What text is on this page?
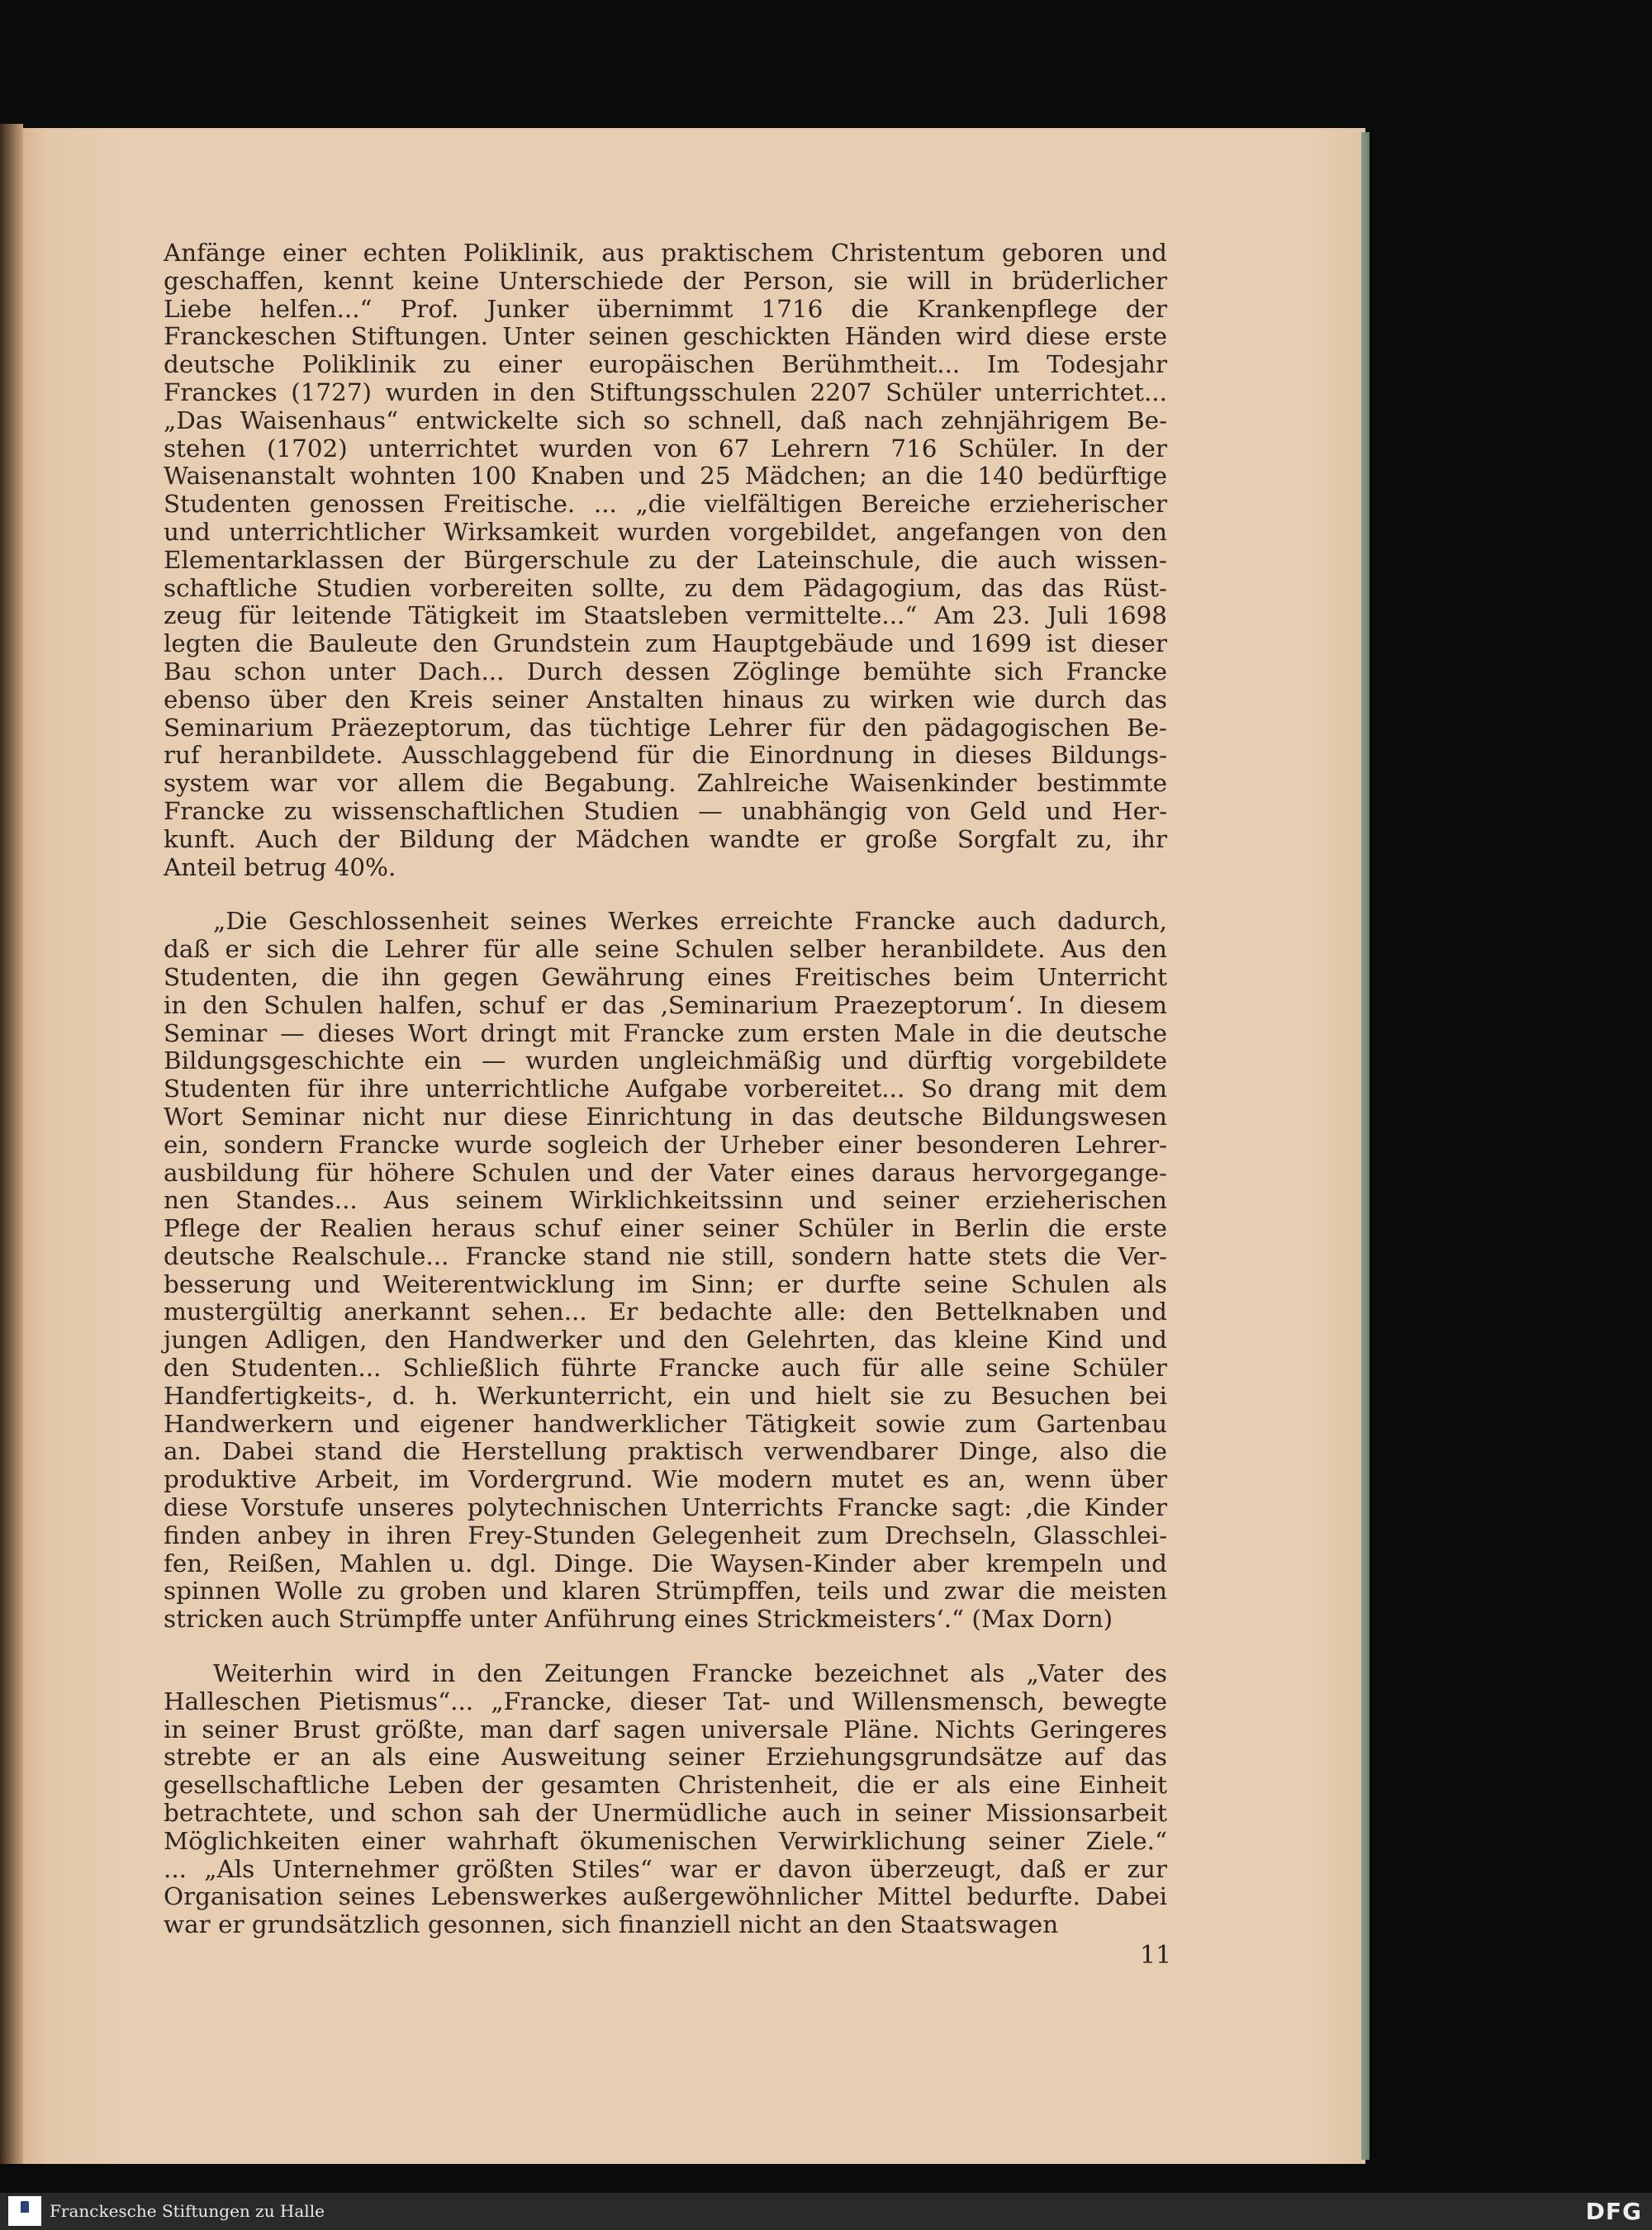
Anfänge einer echten Poliklinik, aus praktischem Christentum geboren und
geschaffen, kennt keine Unterschiede der Person, sie will in brüderlicher
Liebe helfen...“ Prof. Junker übernimmt 1716 die Krankenpflege der
Franckeschen Stiftungen. Unter seinen geschickten Händen wird diese erste
deutsche Poliklinik zu einer europäischen Berühmtheit... Im Todesjahr
Franckes (1727) wurden in den Stiftungsschulen 2207 Schüler unterrichtet...
„Das Waisenhaus“ entwickelte sich so schnell, daß nach zehnjährigem Be-
stehen (1702) unterrichtet wurden von 67 Lehrern 716 Schüler. In der
Waisenanstalt wohnten 100 Knaben und 25 Mädchen; an die 140 bedürftige
Studenten genossen Freitische. ... „die vielfältigen Bereiche erzieherischer
und unterrichtlicher Wirksamkeit wurden vorgebildet, angefangen von den
Elementarklassen der Bürgerschule zu der Lateinschule, die auch wissen-
schaftliche Studien vorbereiten sollte, zu dem Pädagogium, das das Rüst-
zeug für leitende Tätigkeit im Staatsleben vermittelte...“ Am 23. Juli 1698
legten die Bauleute den Grundstein zum Hauptgebäude und 1699 ist dieser
Bau schon unter Dach... Durch dessen Zöglinge bemühte sich Francke
ebenso über den Kreis seiner Anstalten hinaus zu wirken wie durch das
Seminarium Präezeptorum, das tüchtige Lehrer für den pädagogischen Be-
ruf heranbildete. Ausschlaggebend für die Einordnung in dieses Bildungs-
system war vor allem die Begabung. Zahlreiche Waisenkinder bestimmte
Francke zu wissenschaftlichen Studien — unabhängig von Geld und Her-
kunft. Auch der Bildung der Mädchen wandte er große Sorgfalt zu, ihr
Anteil betrug 40%.
„Die Geschlossenheit seines Werkes erreichte Francke auch dadurch,
daß er sich die Lehrer für alle seine Schulen selber heranbildete. Aus den
Studenten, die ihn gegen Gewährung eines Freitisches beim Unterricht
in den Schulen halfen, schuf er das ‚Seminarium Praezeptorum‘. In diesem
Seminar — dieses Wort dringt mit Francke zum ersten Male in die deutsche
Bildungsgeschichte ein — wurden ungleichmäßig und dürftig vorgebildete
Studenten für ihre unterrichtliche Aufgabe vorbereitet... So drang mit dem
Wort Seminar nicht nur diese Einrichtung in das deutsche Bildungswesen
ein, sondern Francke wurde sogleich der Urheber einer besonderen Lehrer-
ausbildung für höhere Schulen und der Vater eines daraus hervorgegange-
nen Standes... Aus seinem Wirklichkeitssinn und seiner erzieherischen
Pflege der Realien heraus schuf einer seiner Schüler in Berlin die erste
deutsche Realschule... Francke stand nie still, sondern hatte stets die Ver-
besserung und Weiterentwicklung im Sinn; er durfte seine Schulen als
mustergültig anerkannt sehen... Er bedachte alle: den Bettelknaben und
jungen Adligen, den Handwerker und den Gelehrten, das kleine Kind und
den Studenten... Schließlich führte Francke auch für alle seine Schüler
Handfertigkeits-, d. h. Werkunterricht, ein und hielt sie zu Besuchen bei
Handwerkern und eigener handwerklicher Tätigkeit sowie zum Gartenbau
an. Dabei stand die Herstellung praktisch verwendbarer Dinge, also die
produktive Arbeit, im Vordergrund. Wie modern mutet es an, wenn über
diese Vorstufe unseres polytechnischen Unterrichts Francke sagt: ‚die Kinder
finden anbey in ihren Frey-Stunden Gelegenheit zum Drechseln, Glasschlei-
fen, Reißen, Mahlen u. dgl. Dinge. Die Waysen-Kinder aber krempeln und
spinnen Wolle zu groben und klaren Strümpffen, teils und zwar die meisten
stricken auch Strümpffe unter Anführung eines Strickmeisters‘.“ (Max Dorn)
Weiterhin wird in den Zeitungen Francke bezeichnet als „Vater des
Halleschen Pietismus“... „Francke, dieser Tat- und Willensmensch, bewegte
in seiner Brust größte, man darf sagen universale Pläne. Nichts Geringeres
strebte er an als eine Ausweitung seiner Erziehungsgrundsätze auf das
gesellschaftliche Leben der gesamten Christenheit, die er als eine Einheit
betrachtete, und schon sah der Unermüdliche auch in seiner Missionsarbeit
Möglichkeiten einer wahrhaft ökumenischen Verwirklichung seiner Ziele.“
... „Als Unternehmer größten Stiles“ war er davon überzeugt, daß er zur
Organisation seines Lebenswerkes außergewöhnlicher Mittel bedurfte. Dabei
war er grundsätzlich gesonnen, sich finanziell nicht an den Staatswagen
11
Franckesche Stiftungen zu Halle	DFG
